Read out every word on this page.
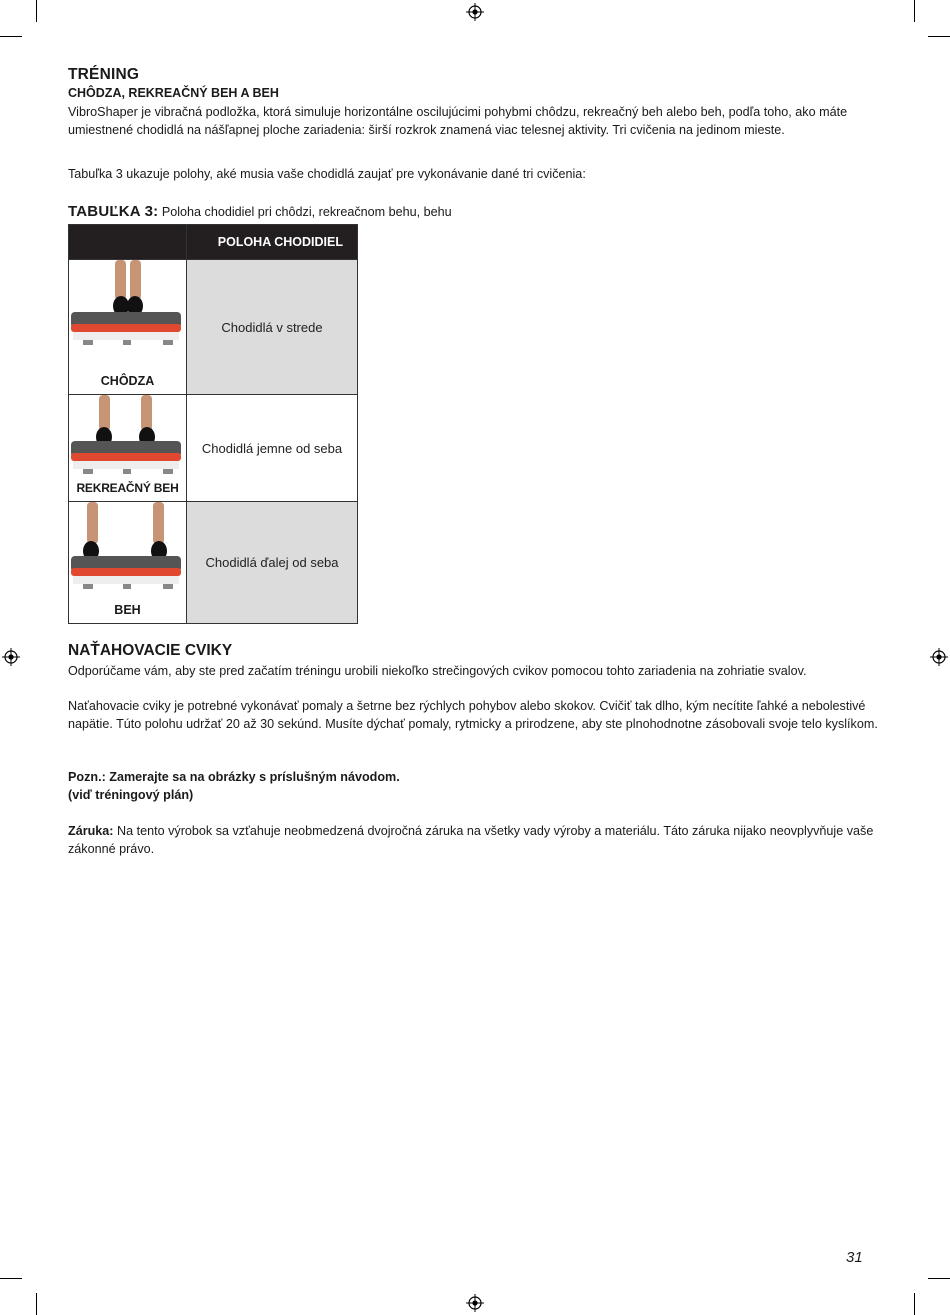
TRÉNING
CHÔDZA, REKREAČNÝ BEH A BEH
VibroShaper je vibračná podložka, ktorá simuluje horizontálne oscilujúcimi pohybmi chôdzu, rekreačný beh alebo beh, podľa toho, ako máte umiestnené chodidlá na nášľapnej ploche zariadenia: širší rozkrok znamená viac telesnej aktivity. Tri cvičenia na jedinom mieste.
Tabuľka 3 ukazuje polohy, aké musia vaše chodidlá zaujať pre vykonávanie dané tri cvičenia:
TABUĽKA 3: Poloha chodidiel pri chôdzi, rekreačnom behu, behu
	POLOHA CHODIDIEL

CHÔDZA	Chodidlá v strede

REKREAČNÝ BEH	Chodidlá jemne od seba

BEH	Chodidlá ďalej od seba
NAŤAHOVACIE CVIKY
Odporúčame vám, aby ste pred začatím tréningu urobili niekoľko strečingových cvikov pomocou tohto zariadenia na zohriatie svalov.
Naťahovacie cviky je potrebné vykonávať pomaly a šetrne bez rýchlych pohybov alebo skokov. Cvičiť tak dlho, kým necítite ľahké a nebolestivé napätie. Túto polohu udržať 20 až 30 sekúnd. Musíte dýchať pomaly, rytmicky a prirodzene, aby ste plnohodnotne zásobovali svoje telo kyslíkom.
Pozn.: Zamerajte sa na obrázky s príslušným návodom.
(viď tréningový plán)
Záruka: Na tento výrobok sa vzťahuje neobmedzená dvojročná záruka na všetky vady výroby a materiálu. Táto záruka nijako neovplyvňuje vaše zákonné právo.
31
